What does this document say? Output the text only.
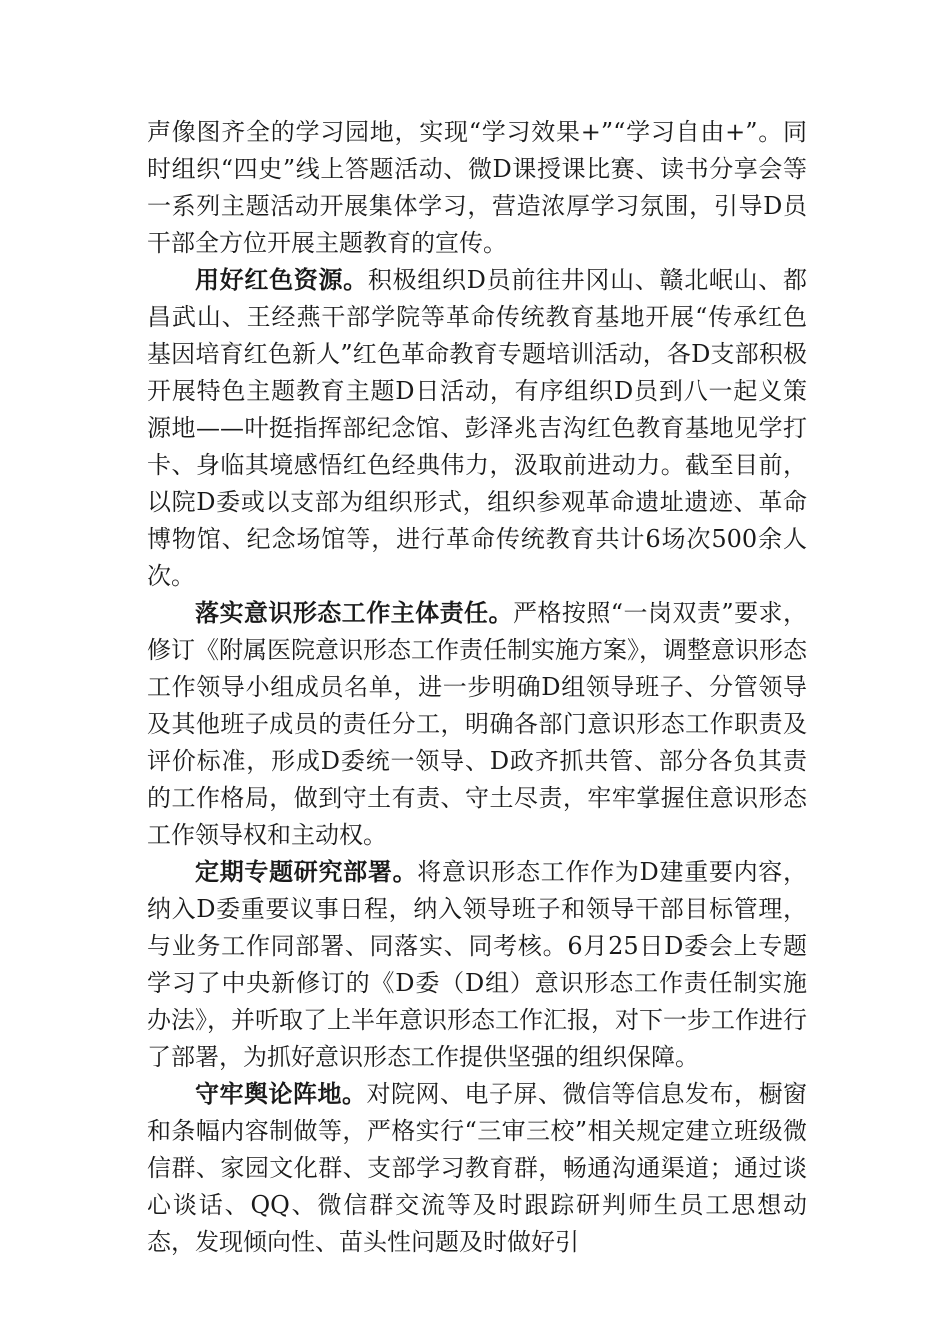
声像图齐全的学习园地，实现“学习效果+”“学习自由+”。同时组织“四史”线上答题活动、微D课授课比赛、读书分享会等一系列主题活动开展集体学习，营造浓厚学习氛围，引导D员干部全方位开展主题教育的宣传。

用好红色资源。积极组织D员前往井冈山、赣北岷山、都昌武山、王经燕干部学院等革命传统教育基地开展“传承红色基因培育红色新人”红色革命教育专题培训活动，各D支部积极开展特色主题教育主题D日活动，有序组织D员到八一起义策源地——叶挺指挥部纪念馆、彭泽兆吉沟红色教育基地见学打卡、身临其境感悟红色经典伟力，汲取前进动力。截至目前，以院D委或以支部为组织形式，组织参观革命遗址遗迹、革命博物馆、纪念场馆等，进行革命传统教育共计6场次500余人次。

落实意识形态工作主体责任。严格按照“一岗双责”要求，修订《附属医院意识形态工作责任制实施方案》，调整意识形态工作领导小组成员名单，进一步明确D组领导班子、分管领导及其他班子成员的责任分工，明确各部门意识形态工作职责及评价标准，形成D委统一领导、D政齐抓共管、部分各负其责的工作格局，做到守土有责、守土尽责，牢牢掌握住意识形态工作领导权和主动权。

定期专题研究部署。将意识形态工作作为D建重要内容，纳入D委重要议事日程，纳入领导班子和领导干部目标管理，与业务工作同部署、同落实、同考核。6月25日D委会上专题学习了中央新修订的《D委（D组）意识形态工作责任制实施办法》，并听取了上半年意识形态工作汇报，对下一步工作进行了部署，为抓好意识形态工作提供坚强的组织保障。

守牢舆论阵地。对院网、电子屏、微信等信息发布，橱窗和条幅内容制做等，严格实行“三审三校”相关规定建立班级微信群、家园文化群、支部学习教育群，畅通沟通渠道；通过谈心谈话、QQ、微信群交流等及时跟踪研判师生员工思想动态，发现倾向性、苗头性问题及时做好引
